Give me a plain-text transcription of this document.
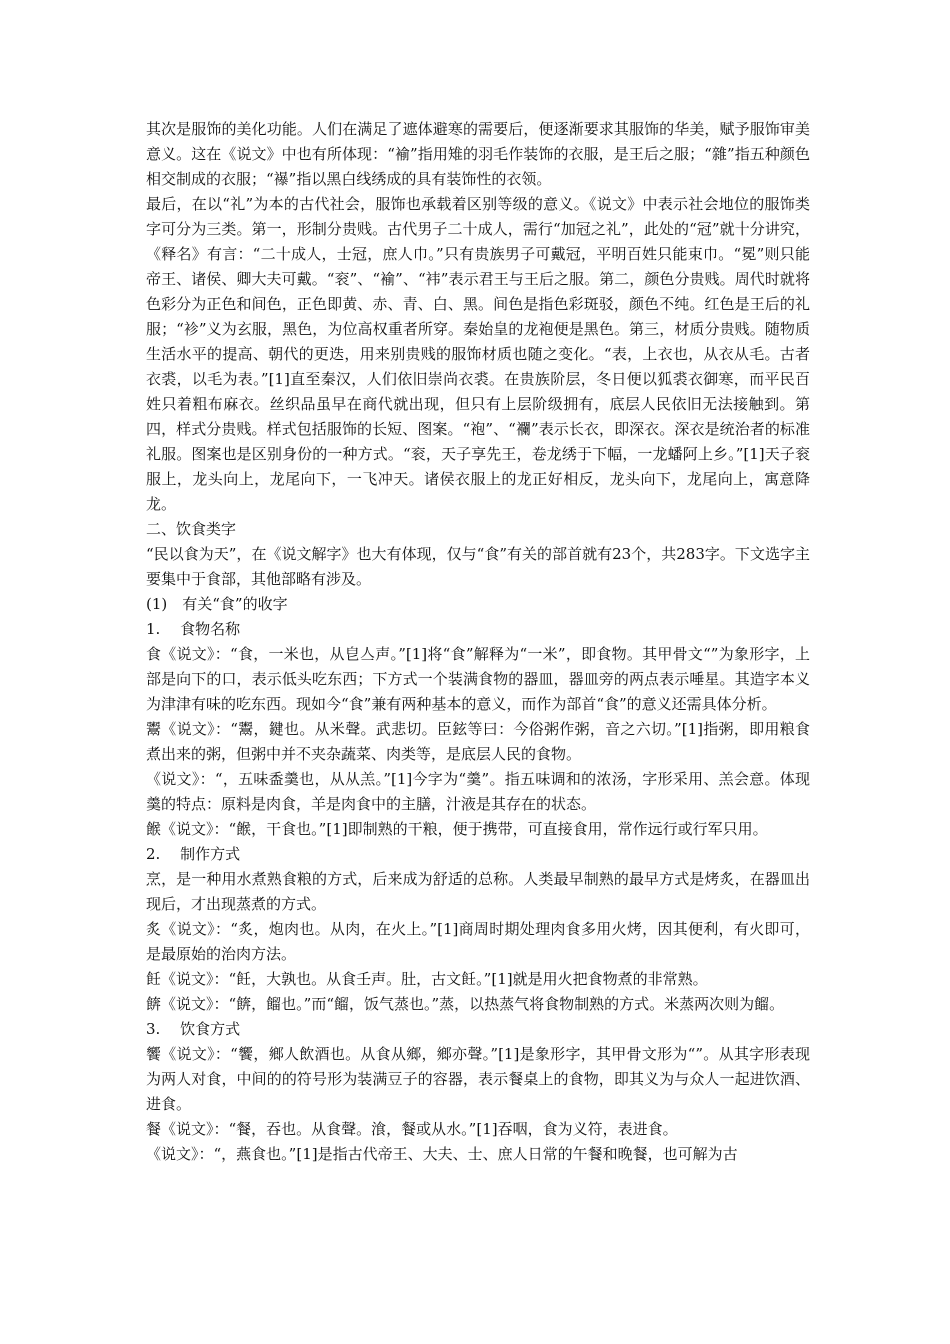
其次是服饰的美化功能。人们在满足了遮体避寒的需要后，便逐渐要求其服饰的华美，赋予服饰审美意义。这在《说文》中也有所体现：“褕”指用雉的羽毛作装饰的衣服，是王后之服；“雜”指五种颜色相交制成的衣服；“襮”指以黑白线绣成的具有装饰性的衣领。

最后，在以“礼”为本的古代社会，服饰也承载着区别等级的意义。《说文》中表示社会地位的服饰类字可分为三类。第一，形制分贵贱。古代男子二十成人，需行“加冠之礼”，此处的“冠”就十分讲究，《释名》有言：“二十成人，士冠，庶人巾。”只有贵族男子可戴冠，平明百姓只能束巾。“冕”则只能帝王、诸侯、卿大夫可戴。“衮”、“褕”、“袆”表示君王与王后之服。第二，颜色分贵贱。周代时就将色彩分为正色和间色，正色即黄、赤、青、白、黑。间色是指色彩斑驳，颜色不纯。红色是王后的礼服；“袗”义为玄服，黑色，为位高权重者所穿。秦始皇的龙袍便是黑色。第三，材质分贵贱。随物质生活水平的提高、朝代的更迭，用来别贵贱的服饰材质也随之变化。“表，上衣也，从衣从毛。古者衣裘，以毛为表。”[1]直至秦汉，人们依旧崇尚衣裘。在贵族阶层，冬日便以狐裘衣御寒，而平民百姓只着粗布麻衣。丝织品虽早在商代就出现，但只有上层阶级拥有，底层人民依旧无法接触到。第四，样式分贵贱。样式包括服饰的长短、图案。“袍”、“襴”表示长衣，即深衣。深衣是统治者的标准礼服。图案也是区别身份的一种方式。“衮，天子享先王，卷龙绣于下幅，一龙蟠阿上乡。”[1]天子衮服上，龙头向上，龙尾向下，一飞冲天。诸侯衣服上的龙正好相反，龙头向下，龙尾向上，寓意降龙。

二、饮食类字

“民以食为天”，在《说文解字》也大有体现，仅与“食”有关的部首就有23个，共283字。下文选字主要集中于食部，其他部略有涉及。

(1)　有关“食”的收字

1.　 食物名称

食《说文》：“食，一米也，从皀亼声。”[1]将“食”解释为“一米”，即食物。其甲骨文“”为象形字，上部是向下的口，表示低头吃东西；下方式一个装满食物的器皿，器皿旁的两点表示唾星。其造字本义为津津有味的吃东西。现如今“食”兼有两种基本的意义，而作为部首“食”的意义还需具体分析。

鬻《说文》：“鬻，鍵也。从米聲。武悲切。臣鉉等曰：今俗粥作粥，音之六切。”[1]指粥，即用粮食煮出来的粥，但粥中并不夹杂蔬菜、肉类等，是底层人民的食物。

《说文》：“，五味盉羹也，从从羔。”[1]今字为“羹”。指五味调和的浓汤，字形采用、羔会意。体现羹的特点：原料是肉食，羊是肉食中的主膳，汁液是其存在的状态。

餱《说文》：“餱，干食也。”[1]即制熟的干粮，便于携带，可直接食用，常作远行或行军只用。

2.　 制作方式

烹，是一种用水煮熟食粮的方式，后来成为舒适的总称。人类最早制熟的最早方式是烤炙，在器皿出现后，才出现蒸煮的方式。

炙《说文》：“炙，炮肉也。从肉，在火上。”[1]商周时期处理肉食多用火烤，因其便利，有火即可，是最原始的治肉方法。

飪《说文》：“飪，大孰也。从食壬声。肚，古文飪。”[1]就是用火把食物煮的非常熟。

餴《说文》：“餴，餾也。”而“餾，饭气蒸也。”蒸，以热蒸气将食物制熟的方式。米蒸两次则为餾。

3.　 饮食方式

饗《说文》：“饗，鄉人飲酒也。从食从鄉，鄉亦聲。”[1]是象形字，其甲骨文形为“”。从其字形表现为两人对食，中间的的符号形为装满豆子的容器，表示餐桌上的食物，即其义为与众人一起进饮酒、进食。

餐《说文》：“餐，吞也。从食聲。湌，餐或从水。”[1]吞咽，食为义符，表进食。

《说文》：“，燕食也。”[1]是指古代帝王、大夫、士、庶人日常的午餐和晚餐，也可解为古
